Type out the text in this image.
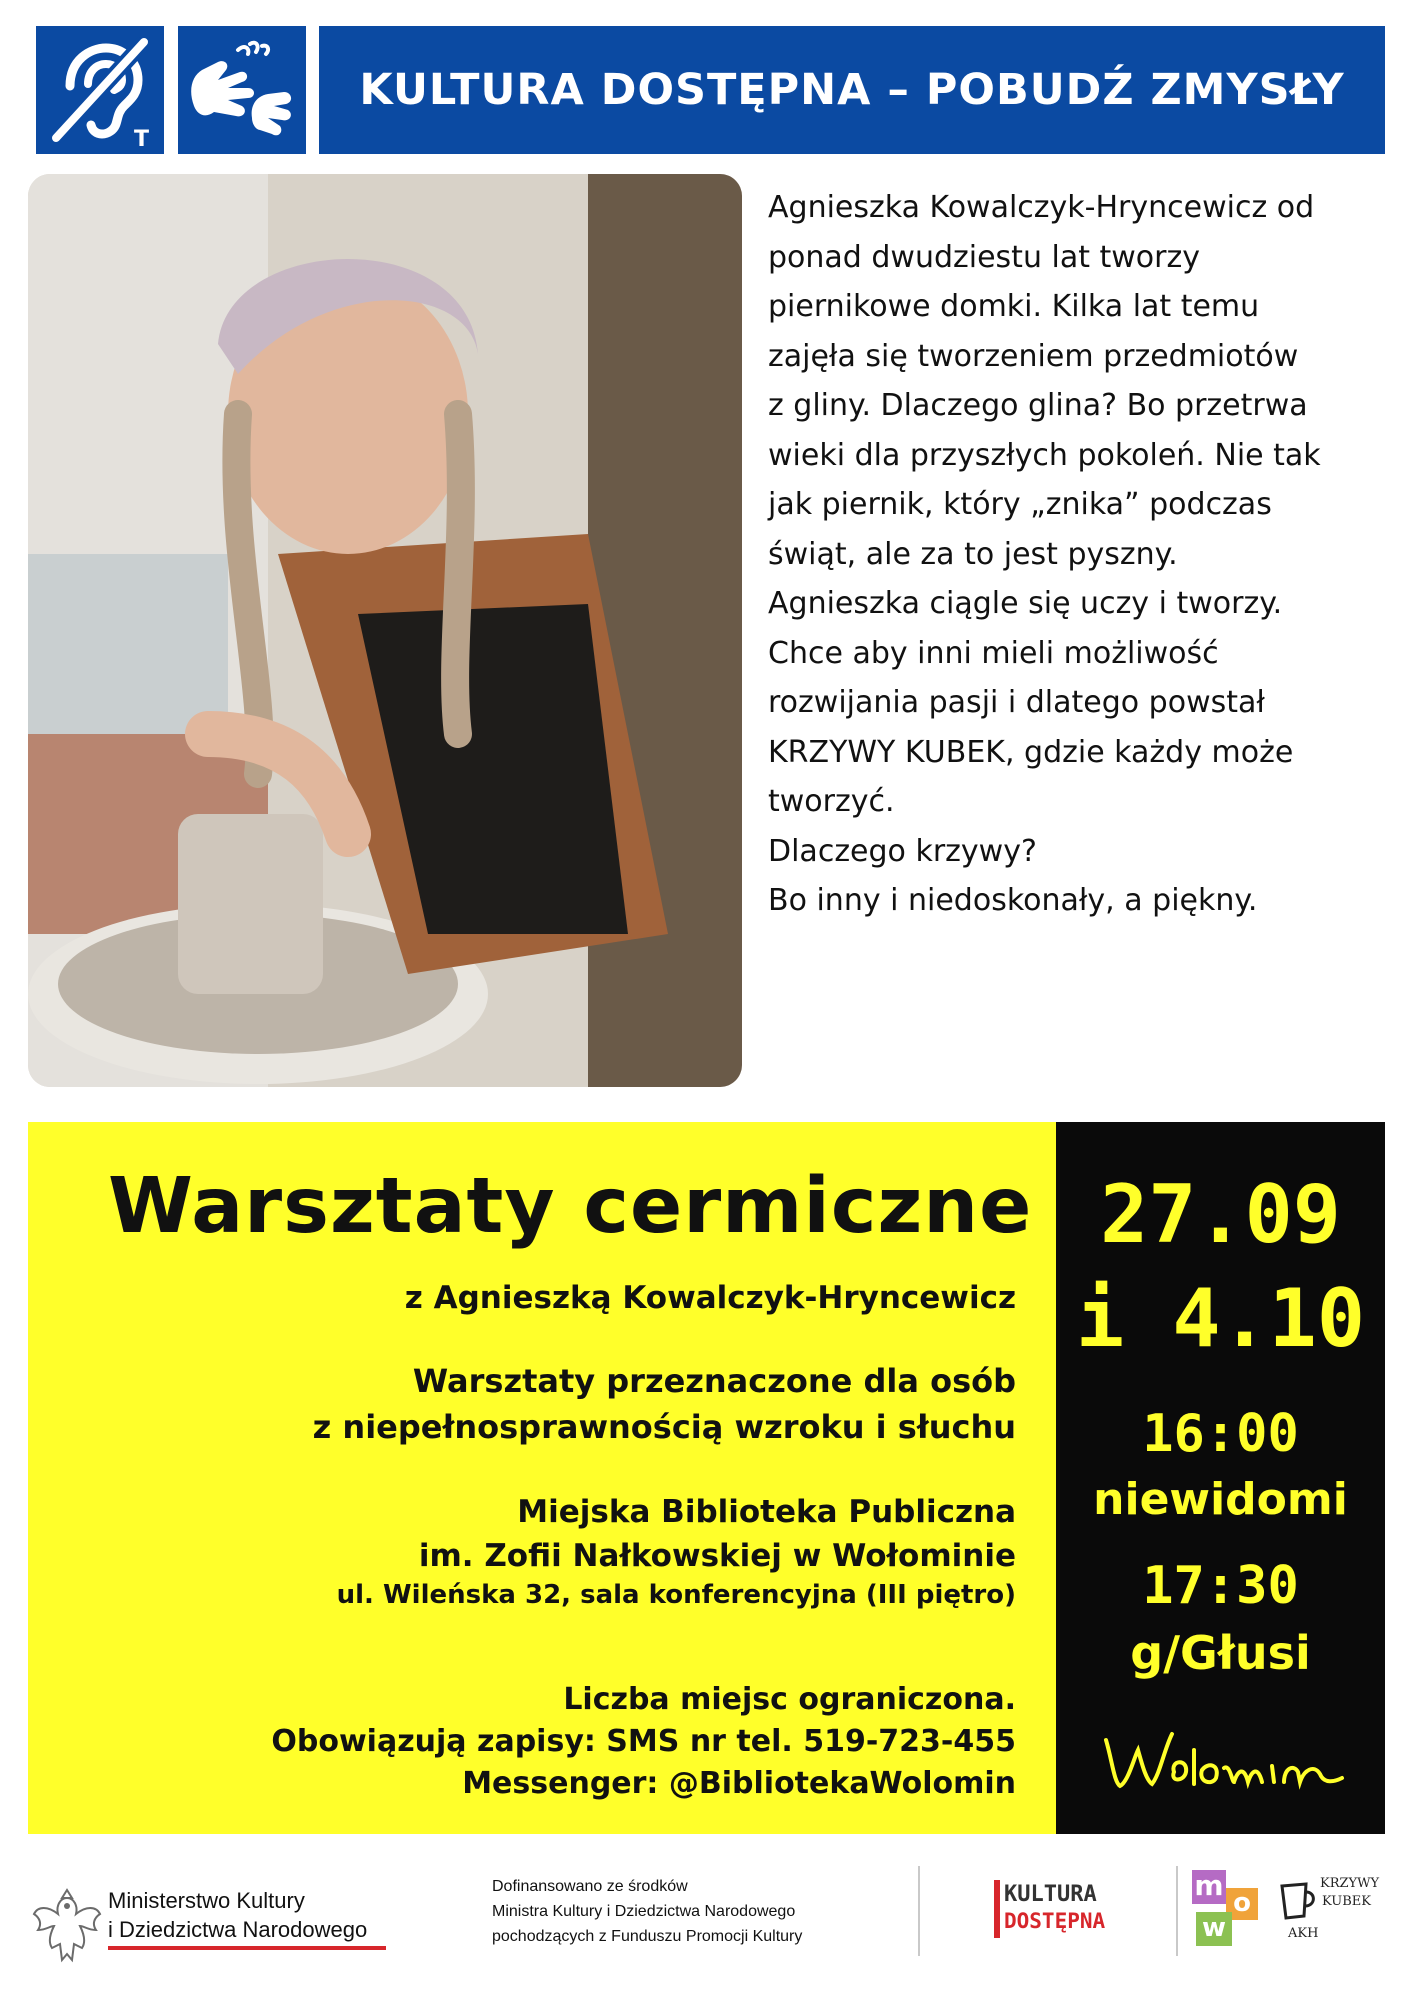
T
KULTURA DOSTĘPNA – POBUDŹ ZMYSŁY

Agnieszka Kowalczyk-Hryncewicz od

ponad dwudziestu lat tworzy

piernikowe domki. Kilka lat temu

zajęła się tworzeniem przedmiotów

z gliny. Dlaczego glina? Bo przetrwa

wieki dla przyszłych pokoleń. Nie tak

jak piernik, który „znika” podczas

świąt, ale za to jest pyszny.

Agnieszka ciągle się uczy i tworzy.

Chce aby inni mieli możliwość

rozwijania pasji i dlatego powstał

KRZYWY KUBEK, gdzie każdy może

tworzyć.

Dlaczego krzywy?

Bo inny i niedoskonały, a piękny.

Warsztaty cermiczne
z Agnieszką Kowalczyk-Hryncewicz
Warsztaty przeznaczone dla osób
z niepełnosprawnością wzroku i słuchu
Miejska Biblioteka Publiczna
im. Zofii Nałkowskiej w Wołominie
ul. Wileńska 32, sala konferencyjna (III piętro)
Liczba miejsc ograniczona.
Obowiązują zapisy: SMS nr tel. 519-723-455
Messenger: @BibliotekaWolomin
27.09
i 4.10
16:00
niewidomi
17:30
g/Głusi
Ministerstwo Kultury
i Dziedzictwa Narodowego
Dofinansowano ze środków
Ministra Kultury i Dziedzictwa Narodowego
pochodzących z Funduszu Promocji Kultury
KULTURA
DOSTĘPNA
m
o
w
KRZYWY
KUBEK
AKH
